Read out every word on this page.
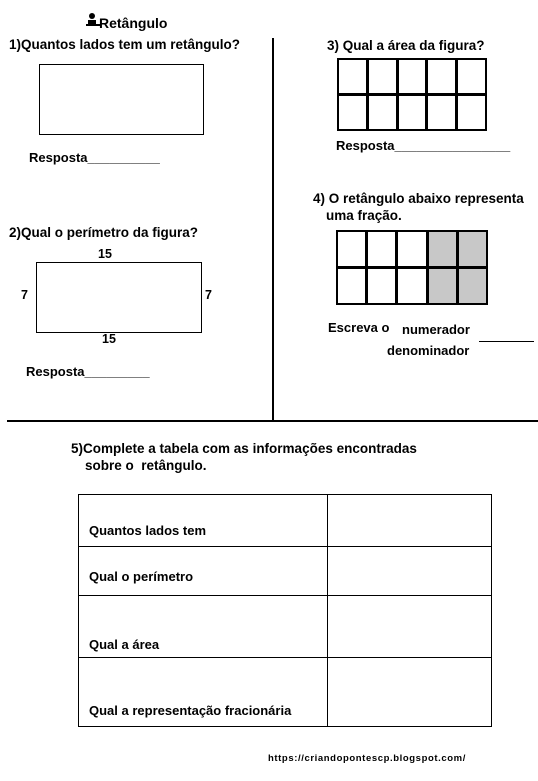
Retângulo
1)Quantos lados tem um retângulo?
Resposta__________
2)Qual o perímetro da figura?
15
7	7
15
Resposta_________
3) Qual a área da figura?
Resposta________________
4) O retângulo abaixo representa
uma fração.
Escreva o numerador
denominador
5)Complete a tabela com as informações encontradas
sobre o retângulo.
Quantos lados tem
Qual o perímetro
Qual a área
Qual a representação fracionária
https://criandopontescp.blogspot.com/
